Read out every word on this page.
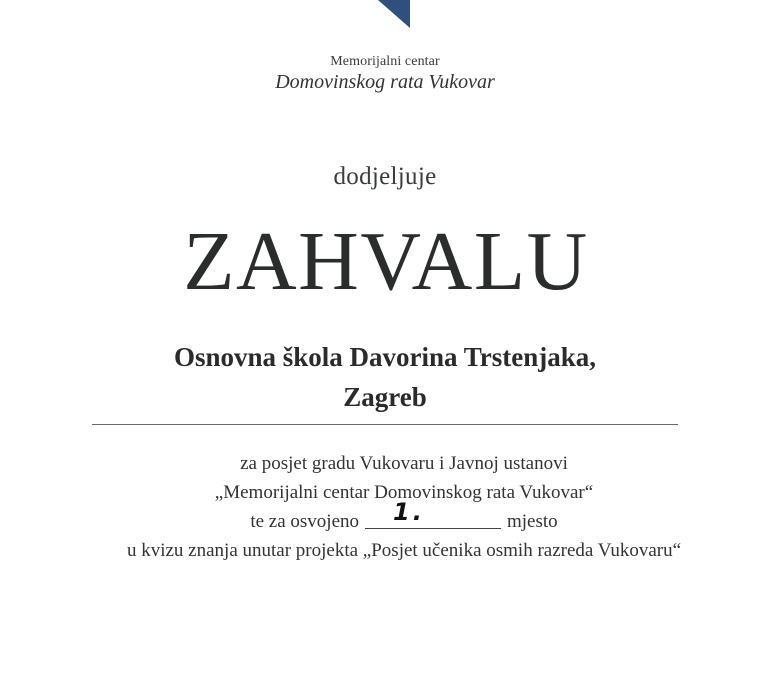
Memorijalni centar
Domovinskog rata Vukovar
dodjeljuje
ZAHVALU
Osnovna škola Davorina Trstenjaka,
Zagreb
za posjet gradu Vukovaru i Javnoj ustanovi
„Memorijalni centar Domovinskog rata Vukovar“
te za osvojeno 1.	mjesto
u kvizu znanja unutar projekta „Posjet učenika osmih razreda Vukovaru“
